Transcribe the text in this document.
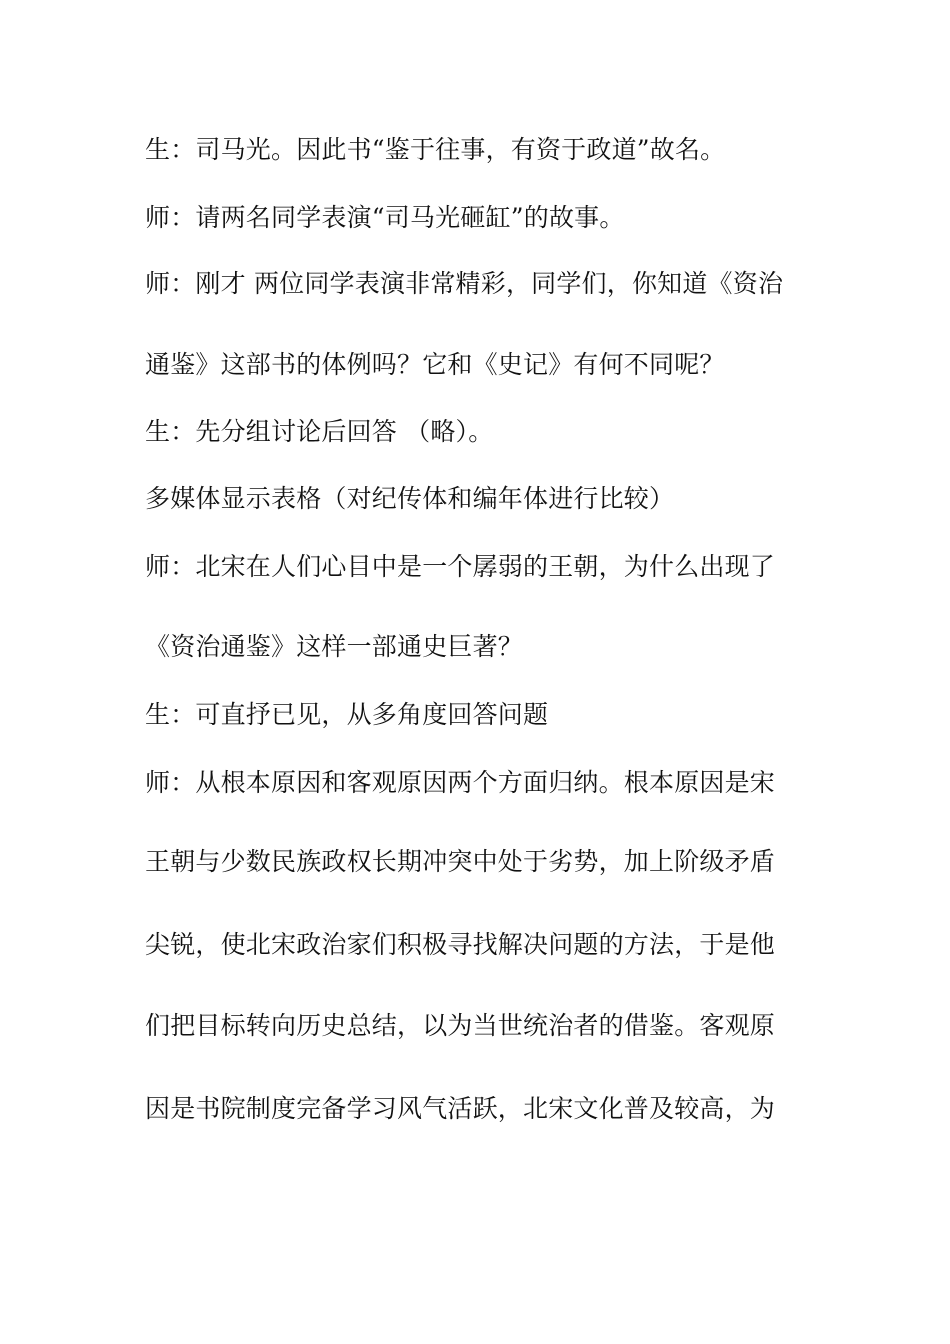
生：司马光。因此书“鉴于往事，有资于政道”故名。
师：请两名同学表演“司马光砸缸”的故事。
师：刚才 两位同学表演非常精彩，同学们，你知道《资治
通鉴》这部书的体例吗？它和《史记》有何不同呢？
生：先分组讨论后回答 （略）。
多媒体显示表格（对纪传体和编年体进行比较）
师：北宋在人们心目中是一个孱弱的王朝，为什么出现了
《资治通鉴》这样一部通史巨著？
生：可直抒已见，从多角度回答问题
师：从根本原因和客观原因两个方面归纳。根本原因是宋
王朝与少数民族政权长期冲突中处于劣势，加上阶级矛盾
尖锐，使北宋政治家们积极寻找解决问题的方法，于是他
们把目标转向历史总结，以为当世统治者的借鉴。客观原
因是书院制度完备学习风气活跃，北宋文化普及较高，为
